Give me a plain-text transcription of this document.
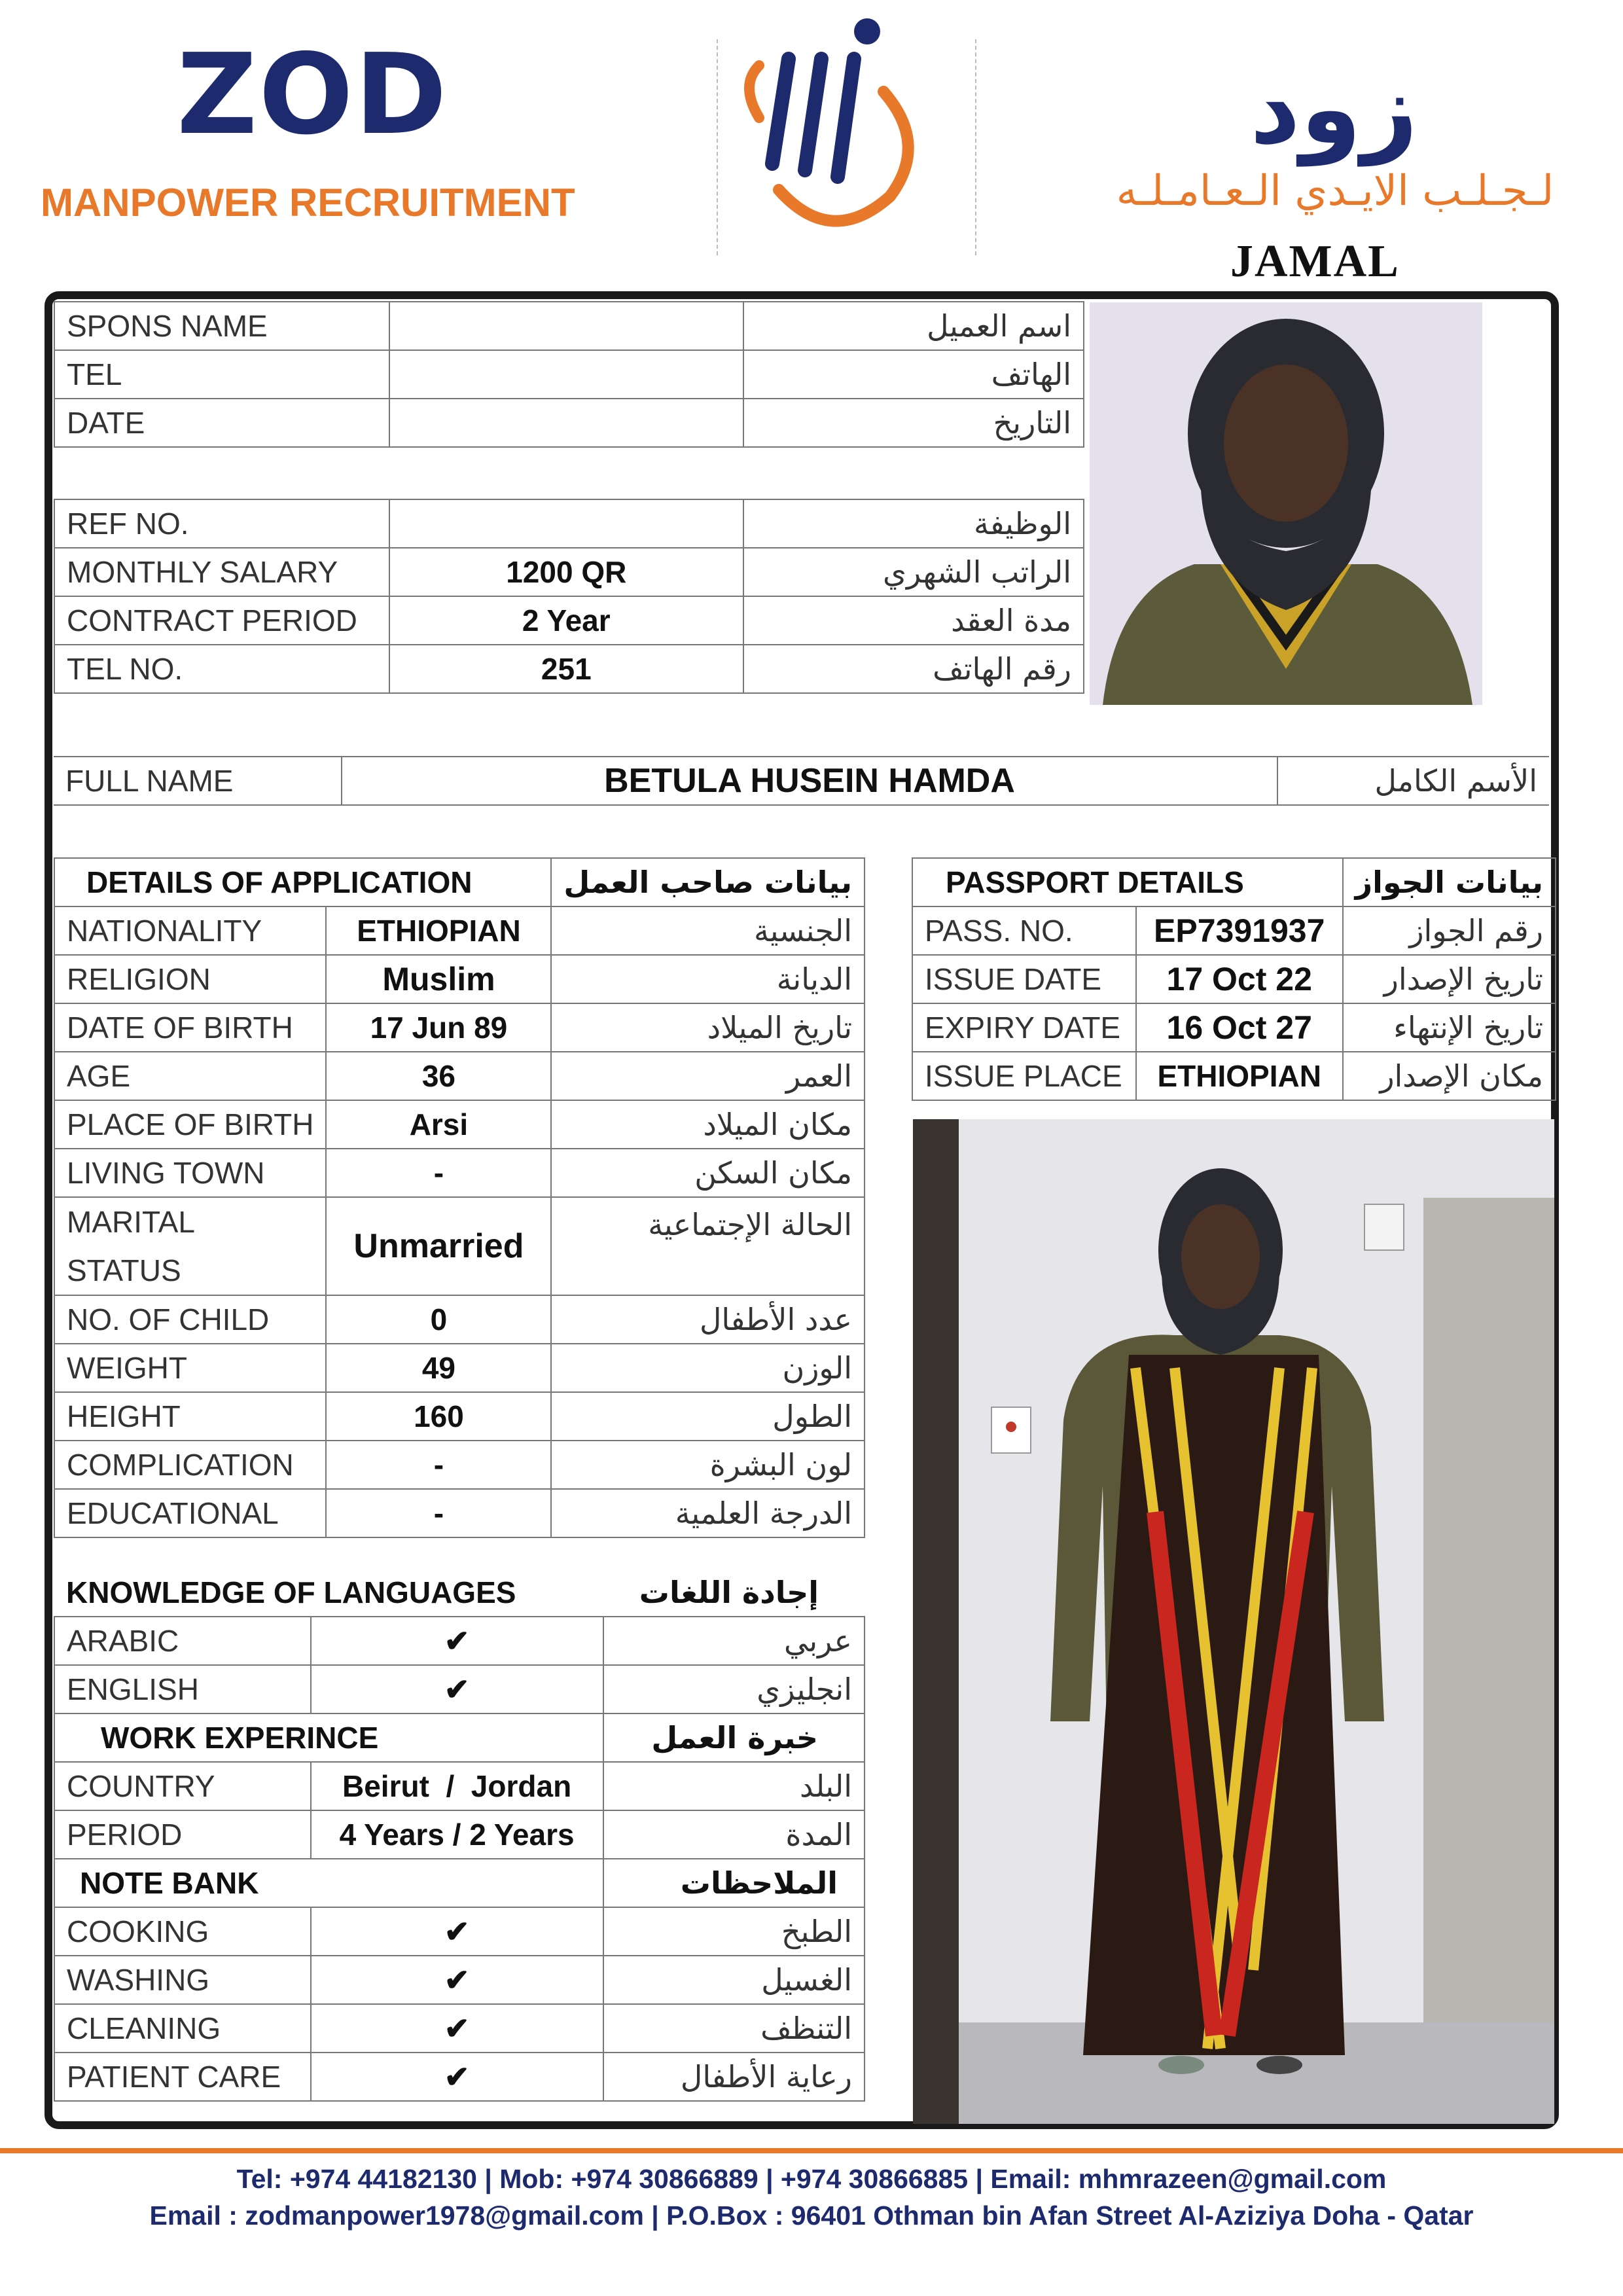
ZOD
MANPOWER RECRUITMENT
زود
لـجـلـب الايـدي الـعـامـلـه
JAMAL
SPONS NAME		اسم العميل
TEL		الهاتف
DATE		التاريخ

REF NO.		الوظيفة
MONTHLY SALARY	1200 QR	الراتب الشهري
CONTRACT PERIOD	2 Year	مدة العقد
TEL NO.	251	رقم الهاتف
FULL NAME	BETULA HUSEIN HAMDA	الأسم الكامل
DETAILS OF APPLICATION		بيانات صاحب العمل
NATIONALITY	ETHIOPIAN	الجنسية
RELIGION	Muslim	الديانة
DATE OF BIRTH	17 Jun 89	تاريخ الميلاد
AGE	36	العمر
PLACE OF BIRTH	Arsi	مكان الميلاد
LIVING TOWN	-	مكان السكن

MARITAL
STATUS	Unmarried	الحالة الإجتماعية
NO. OF CHILD	0	عدد الأطفال
WEIGHT	49	الوزن
HEIGHT	160	الطول
COMPLICATION	-	لون البشرة
EDUCATIONAL	-	الدرجة العلمية
KNOWLEDGE OF LANGUAGES		إجادة اللغات
ARABIC	✔	عربي
ENGLISH	✔	انجليزي
WORK EXPERINCE		خبرة العمل
COUNTRY	Beirut  /  Jordan	البلد
PERIOD	4 Years / 2 Years	المدة
NOTE BANK		الملاحظات
COOKING	✔	الطبخ
WASHING	✔	الغسيل
CLEANING	✔	التنظف
PATIENT CARE	✔	رعاية الأطفال
PASSPORT DETAILS		بيانات الجواز
PASS. NO.	EP7391937	رقم الجواز
ISSUE DATE	17 Oct 22	تاريخ الإصدار
EXPIRY DATE	16 Oct 27	تاريخ الإنتهاء
ISSUE PLACE	ETHIOPIAN	مكان الإصدار
Tel: +974 44182130 | Mob: +974 30866889 | +974 30866885 | Email: mhmrazeen@gmail.com
Email : zodmanpower1978@gmail.com | P.O.Box : 96401 Othman bin Afan Street Al-Aziziya Doha - Qatar
